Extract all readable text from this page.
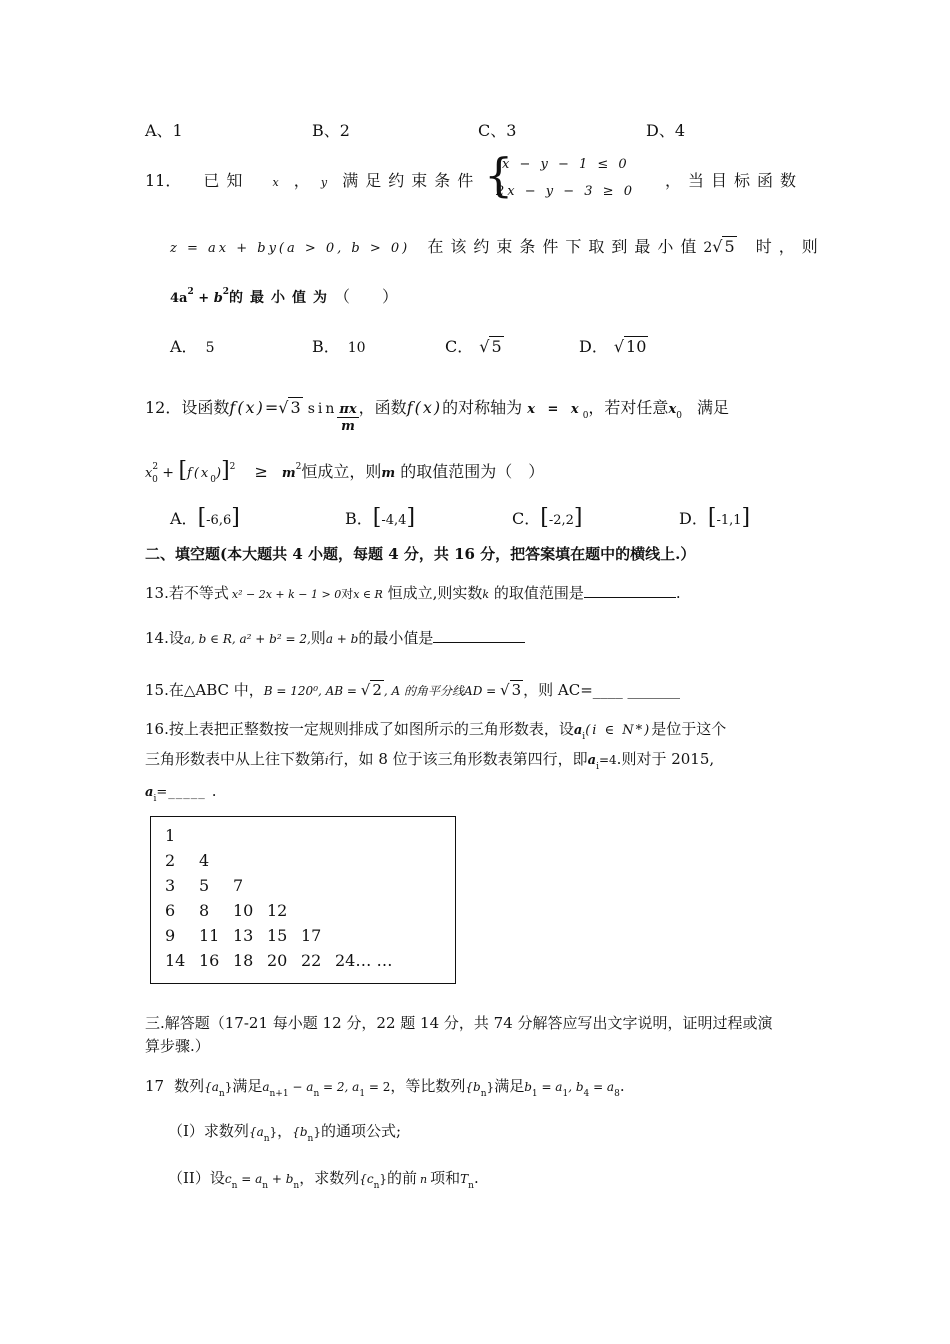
A、1	B、2	C、3	D、4
11． 已知 x ， y 满足约束条件 {
x − y − 1 ≤ 0
2x − y − 3 ≥ 0
，当目标函数
z = ax + by(a > 0, b > 0) 在该约束条件下取到最小值2√ 5 时，则
$4a^2 + b^2$的最小值为（　　）
A． 5	B． 10	C． √ 5	D． √ 10
12．设函数f(x)=√ 3 $\sin \frac{\pi x}{m}$ ，函数f(x)的对称轴为 $x = x_0$，若对任意$x_0$ 满足
$x^2_0 + [f(x_0)]^2 \ge m^2$恒成立，则m 的取值范围为（　）
A．[-6,6]	B．[-4,4]	C．[-2,2]	D．[-1,1]
二、填空题(本大题共 4 小题，每题 4 分，共 16 分，把答案填在题中的横线上.）
13.若不等式 x² − 2x + k − 1 > 0对x ∈ R 恒成立,则实数k 的取值范围是	.
14.设a, b ∈ R, a² + b² = 2,则a + b的最小值是
15.在△ABC 中，B = 120⁰, AB = √ 2 , A 的角平分线AD = √ 3 ，则 AC=____ _______
16.按上表把正整数按一定规则排成了如图所示的三角形数表，设$a_i(i$ ∈ N*)是位于这个
三角形数表中从上往下数第i行，如 8 位于该三角形数表第四行，即$a_i=4$.则对于 2015,
$a_i=\_\_\_\_\_$ .
1
2 4
3 5 7
6 8 10 12
9 11 13 15 17
14 16 18 20 22 24… …
三.解答题（17-21 每小题 12 分，22 题 14 分，共 74 分解答应写出文字说明，证明过程或演
算步骤.）
17 数列$\{a_n\}$满足$a_{n+1} - a_n = 2$, $a_1 = 2$，等比数列$\{b_n\}$满足$b_1 = a_1$, $b_4 = a_8$.
（I）求数列$\{a_n\}$，$\{b_n\}$的通项公式;
（II）设$c_n = a_n + b_n$，求数列$\{c_n\}$的前 n 项和$T_n$.
